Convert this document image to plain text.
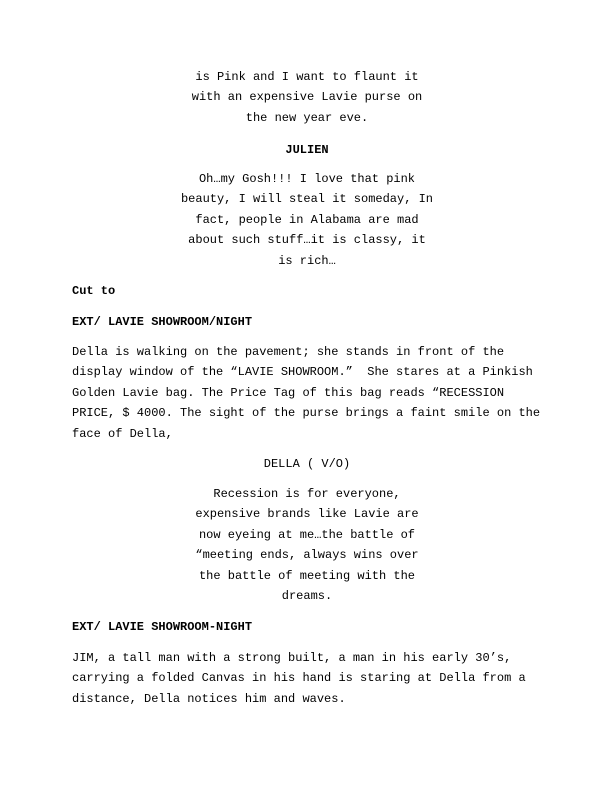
is Pink and I want to flaunt it
with an expensive Lavie purse on
the new year eve.
JULIEN
Oh…my Gosh!!! I love that pink
beauty, I will steal it someday, In
fact, people in Alabama are mad
about such stuff…it is classy, it
is rich…
Cut to
EXT/ LAVIE SHOWROOM/NIGHT
Della is walking on the pavement; she stands in front of the
display window of the “LAVIE SHOWROOM.”  She stares at a Pinkish
Golden Lavie bag. The Price Tag of this bag reads “RECESSION
PRICE, $ 4000. The sight of the purse brings a faint smile on the
face of Della,
DELLA ( V/O)
Recession is for everyone,
expensive brands like Lavie are
now eyeing at me…the battle of
“meeting ends, always wins over
the battle of meeting with the
dreams.
EXT/ LAVIE SHOWROOM-NIGHT
JIM, a tall man with a strong built, a man in his early 30’s,
carrying a folded Canvas in his hand is staring at Della from a
distance, Della notices him and waves.
